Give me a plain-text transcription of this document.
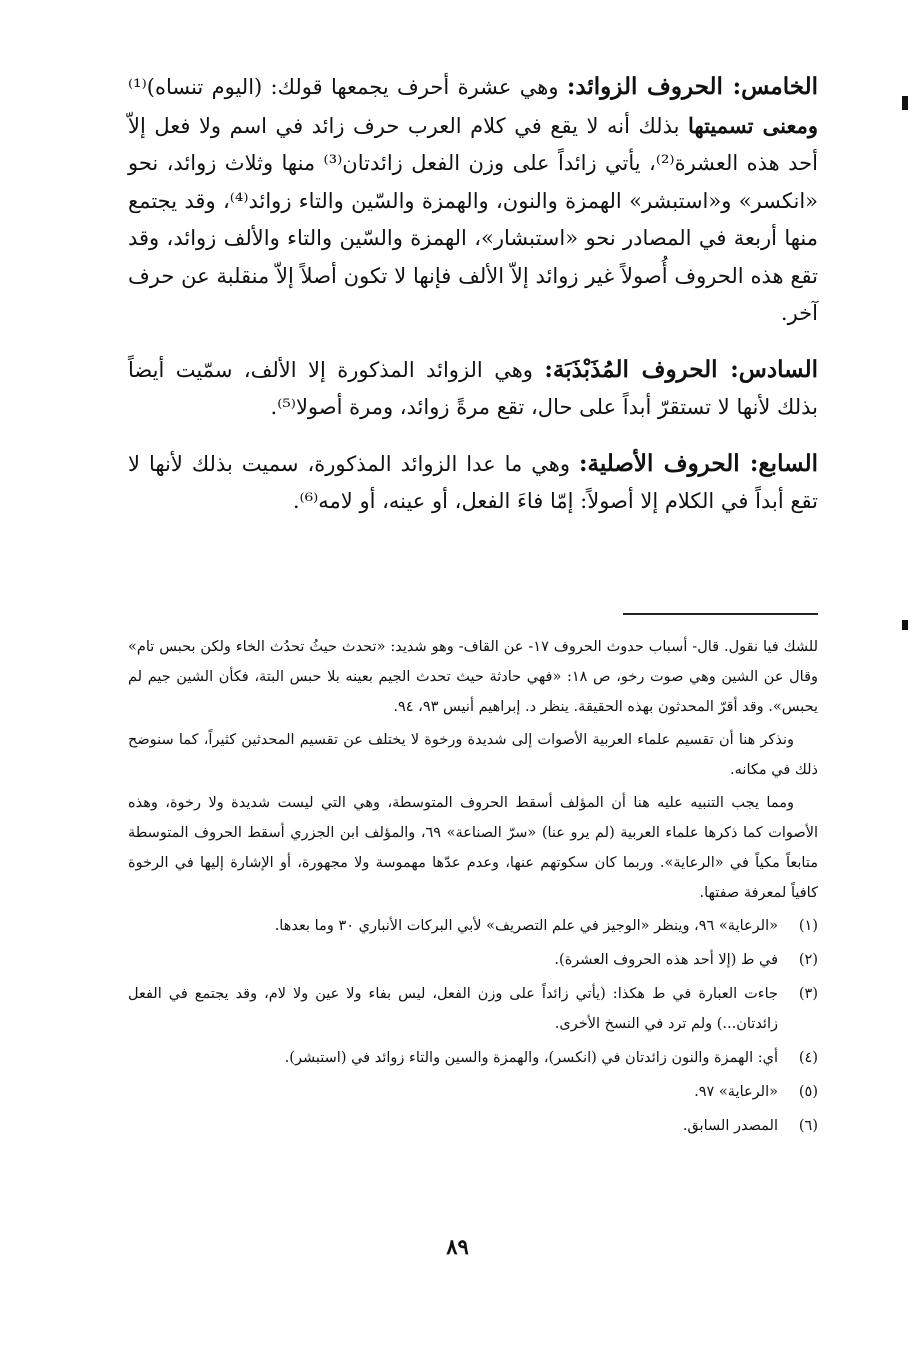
الخامس: الحروف الزوائد: وهي عشرة أحرف يجمعها قولك: (اليوم تنساه)⁽¹⁾ ومعنى تسميتها بذلك أنه لا يقع في كلام العرب حرف زائد في اسم ولا فعل إلاّ أحد هذه العشرة⁽²⁾، يأتي زائداً على وزن الفعل زائدتان⁽³⁾ منها وثلاث زوائد، نحو «انكسر» و«استبشر» الهمزة والنون، والهمزة والسّين والتاء زوائد⁽⁴⁾، وقد يجتمع منها أربعة في المصادر نحو «استبشار»، الهمزة والسّين والتاء والألف زوائد، وقد تقع هذه الحروف أُصولاً غير زوائد إلاّ الألف فإنها لا تكون أصلاً إلاّ منقلبة عن حرف آخر.

السادس: الحروف المُذَبْذَبَة: وهي الزوائد المذكورة إلا الألف، سمّيت أيضاً بذلك لأنها لا تستقرّ أبداً على حال، تقع مرةً زوائد، ومرة أصولا⁽⁵⁾.

السابع: الحروف الأصلية: وهي ما عدا الزوائد المذكورة، سميت بذلك لأنها لا تقع أبداً في الكلام إلا أصولاً: إمّا فاءَ الفعل، أو عينه، أو لامه⁽⁶⁾.

للشك فيا نقول. قال- أسباب حدوث الحروف ١٧- عن القاف- وهو شديد: «تحدث حيثُ تحدُث الخاء ولكن بحبس تام» وقال عن الشين وهي صوت رخو، ص ١٨: «فهي حادثة حيث تحدث الجيم بعينه بلا حبس البتة، فكأن الشين جيم لم يحبس». وقد أقرّ المحدثون بهذه الحقيقة. ينظر د. إبراهيم أنيس ٩٣، ٩٤.

ونذكر هنا أن تقسيم علماء العربية الأصوات إلى شديدة ورخوة لا يختلف عن تقسيم المحدثين كثيراً، كما سنوضح ذلك في مكانه.

ومما يجب التنبيه عليه هنا أن المؤلف أسقط الحروف المتوسطة، وهي التي ليست شديدة ولا رخوة، وهذه الأصوات كما ذكرها علماء العربية (لم يرو عنا) «سرّ الصناعة» ٦٩، والمؤلف ابن الجزري أسقط الحروف المتوسطة متابعاً مكياً في «الرعاية». وربما كان سكوتهم عنها، وعدم عدّها مهموسة ولا مجهورة، أو الإشارة إليها في الرخوة كافياً لمعرفة صفتها.

(١)
«الرعاية» ٩٦، وينظر «الوجيز في علم التصريف» لأبي البركات الأنباري ٣٠ وما بعدها.
(٢)
في ط (إلا أحد هذه الحروف العشرة).
(٣)
جاءت العبارة في ط هكذا: (يأتي زائداً على وزن الفعل، ليس بفاء ولا عين ولا لام، وقد يجتمع في الفعل زائدتان...) ولم ترد في النسخ الأخرى.
(٤)
أي: الهمزة والنون زائدتان في (انكسر)، والهمزة والسين والتاء زوائد في (استبشر).
(٥)
«الرعاية» ٩٧.
(٦)
المصدر السابق.
٨٩
